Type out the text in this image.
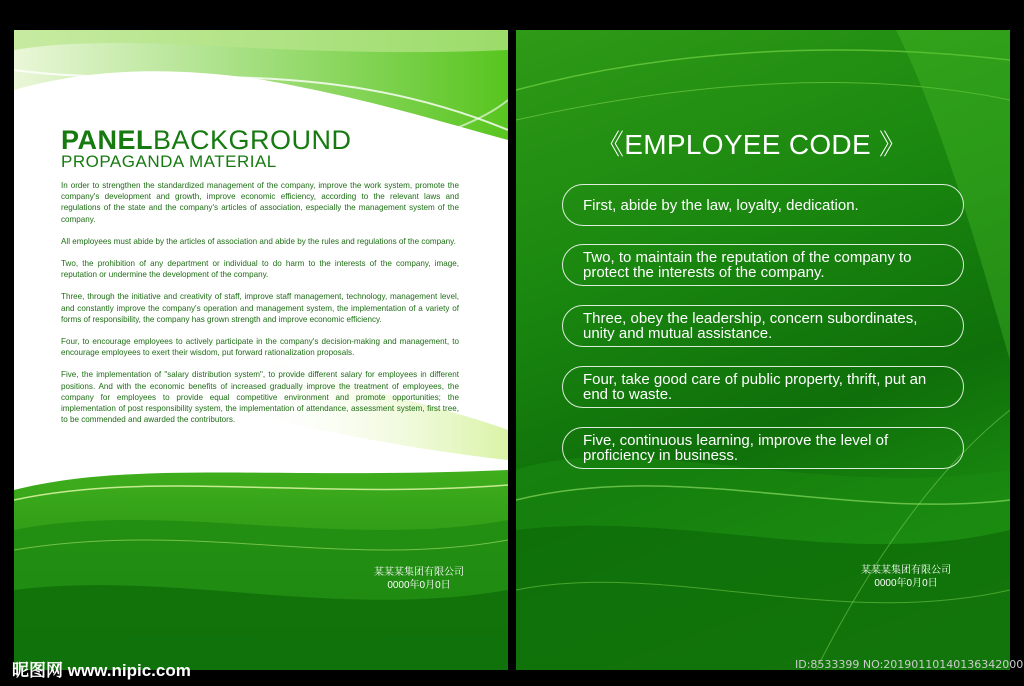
PANELBACKGROUND
PROPAGANDA MATERIAL

In order to strengthen the standardized management of the company, improve the work system, promote the company's development and growth, improve economic efficiency, according to the relevant laws and regulations of the state and the company's articles of association, especially the management system of the company.

All employees must abide by the articles of association and abide by the rules and regulations of the company.

Two, the prohibition of any department or individual to do harm to the interests of the company, image, reputation or undermine the development of the company.

Three, through the initiative and creativity of staff, improve staff management, technology, management level, and constantly improve the company's operation and management system, the implementation of a variety of forms of responsibility, the company has grown strength and improve economic efficiency.

Four, to encourage employees to actively participate in the company's decision-making and management, to encourage employees to exert their wisdom, put forward rationalization proposals.

Five, the implementation of "salary distribution system", to provide different salary for employees in different positions. And with the economic benefits of increased gradually improve the treatment of employees, the company for employees to provide equal competitive environment and promote opportunities; the implementation of post responsibility system, the implementation of attendance, assessment system, first tree, to be commended and awarded the contributors.

某某某集团有限公司
0000年0月0日
《EMPLOYEE CODE 》
First, abide by the law, loyalty, dedication.
Two, to maintain the reputation of the company to protect the interests of the company.
Three, obey the leadership, concern subordinates, unity and mutual assistance.
Four, take good care of public property, thrift, put an end to waste.
Five, continuous learning, improve the level of proficiency in business.
某某某集团有限公司
0000年0月0日
昵图网 www.nipic.com	ID:8533399 NO:20190110140136342000
